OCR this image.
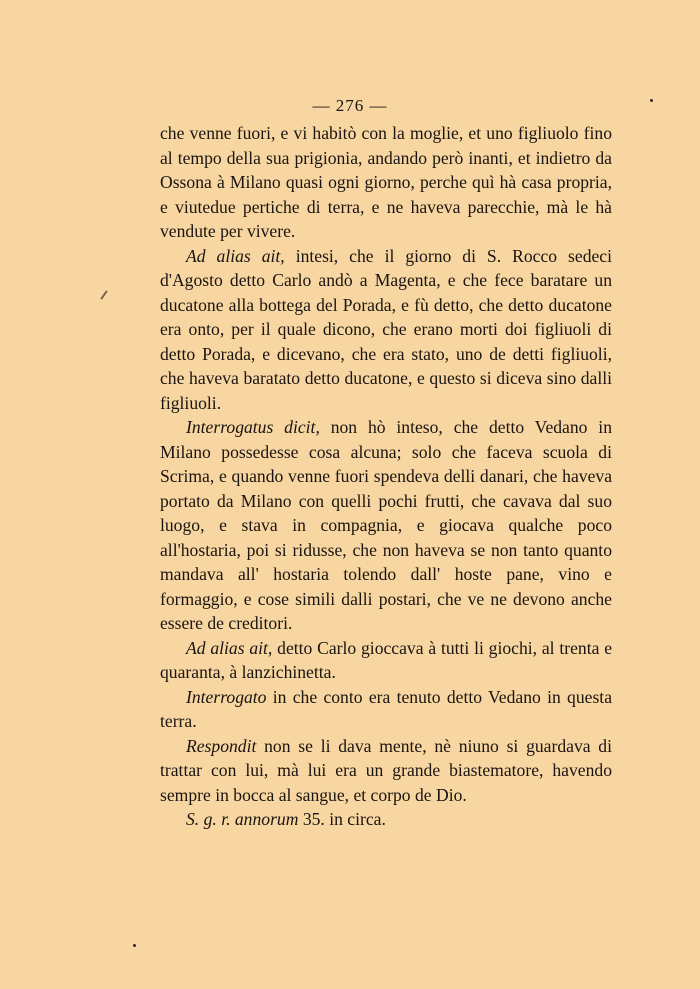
— 276 —

che venne fuori, e vi habitò con la moglie, et uno figliuolo fino al tempo della sua prigionia, andando però inanti, et indietro da Ossona à Milano quasi ogni giorno, perche quì hà casa propria, e viutedue pertiche di terra, e ne haveva parecchie, mà le hà vendute per vivere.

Ad alias ait, intesi, che il giorno di S. Rocco sedeci d'Agosto detto Carlo andò a Magenta, e che fece baratare un ducatone alla bottega del Porada, e fù detto, che detto ducatone era onto, per il quale dicono, che erano morti doi figliuoli di detto Porada, e dicevano, che era stato, uno de detti figliuoli, che haveva baratato detto ducatone, e questo si diceva sino dalli figliuoli.

Interrogatus dicit, non hò inteso, che detto Vedano in Milano possedesse cosa alcuna; solo che faceva scuola di Scrima, e quando venne fuori spendeva delli danari, che haveva portato da Milano con quelli pochi frutti, che cavava dal suo luogo, e stava in compagnia, e giocava qualche poco all'hostaria, poi si ridusse, che non haveva se non tanto quanto mandava all' hostaria tolendo dall' hoste pane, vino e formaggio, e cose simili dalli postari, che ve ne devono anche essere de creditori.

Ad alias ait, detto Carlo gioccava à tutti li giochi, al trenta e quaranta, à lanzichinetta.

Interrogato in che conto era tenuto detto Vedano in questa terra.

Respondit non se li dava mente, nè niuno si guardava di trattar con lui, mà lui era un grande biastematore, havendo sempre in bocca al sangue, et corpo de Dio.

S. g. r. annorum 35. in circa.
